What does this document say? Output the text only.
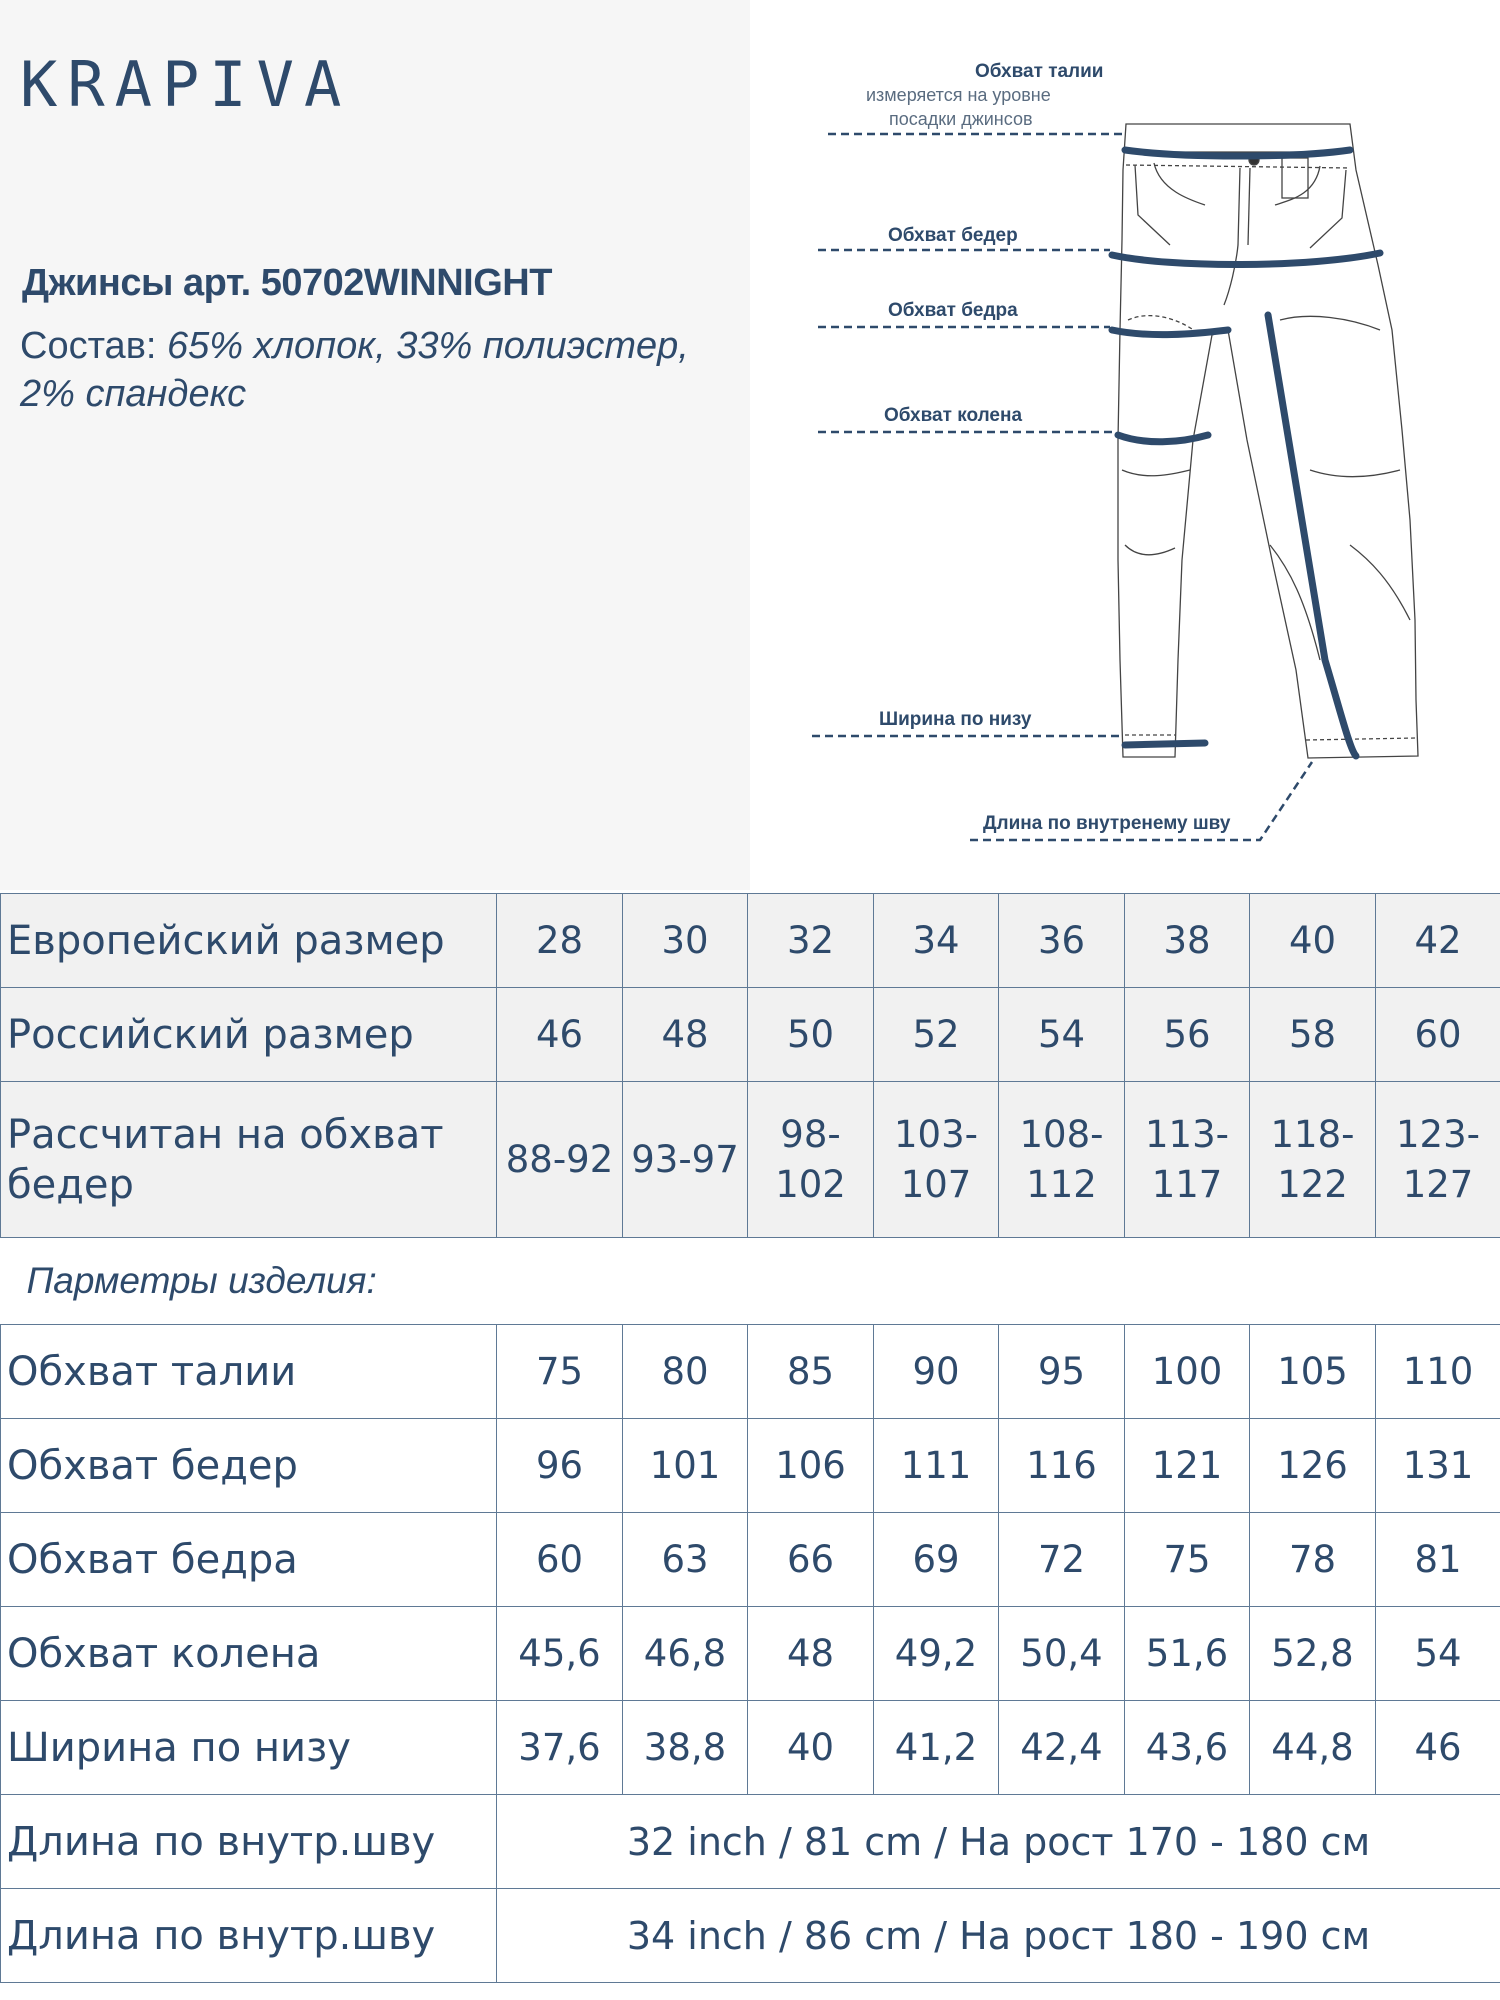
KRAPIVA
Джинсы арт. 50702WINNIGHT
Состав: 65% хлопок, 33% полиэстер, 2% спандекс
Обхват талии
измеряется на уровне
посадки джинсов
Обхват бедер
Обхват бедра
Обхват колена
Ширина по низу
Длина по внутренему шву
Европейский размер	28	30	32	34	36	38	40	42
Российский размер	46	48	50	52	54	56	58	60
Рассчитан на обхват бедер	88-92	93-97	98-102	103-107	108-112	113-117	118-122	123-127
Парметры изделия:								
Обхват талии	75	80	85	90	95	100	105	110
Обхват бедер	96	101	106	111	116	121	126	131
Обхват бедра	60	63	66	69	72	75	78	81
Обхват колена	45,6	46,8	48	49,2	50,4	51,6	52,8	54
Ширина по низу	37,6	38,8	40	41,2	42,4	43,6	44,8	46
Длина по внутр.шву	32 inch / 81 cm / На рост 170 - 180 см							
Длина по внутр.шву	34 inch / 86 cm / На рост 180 - 190 см							
